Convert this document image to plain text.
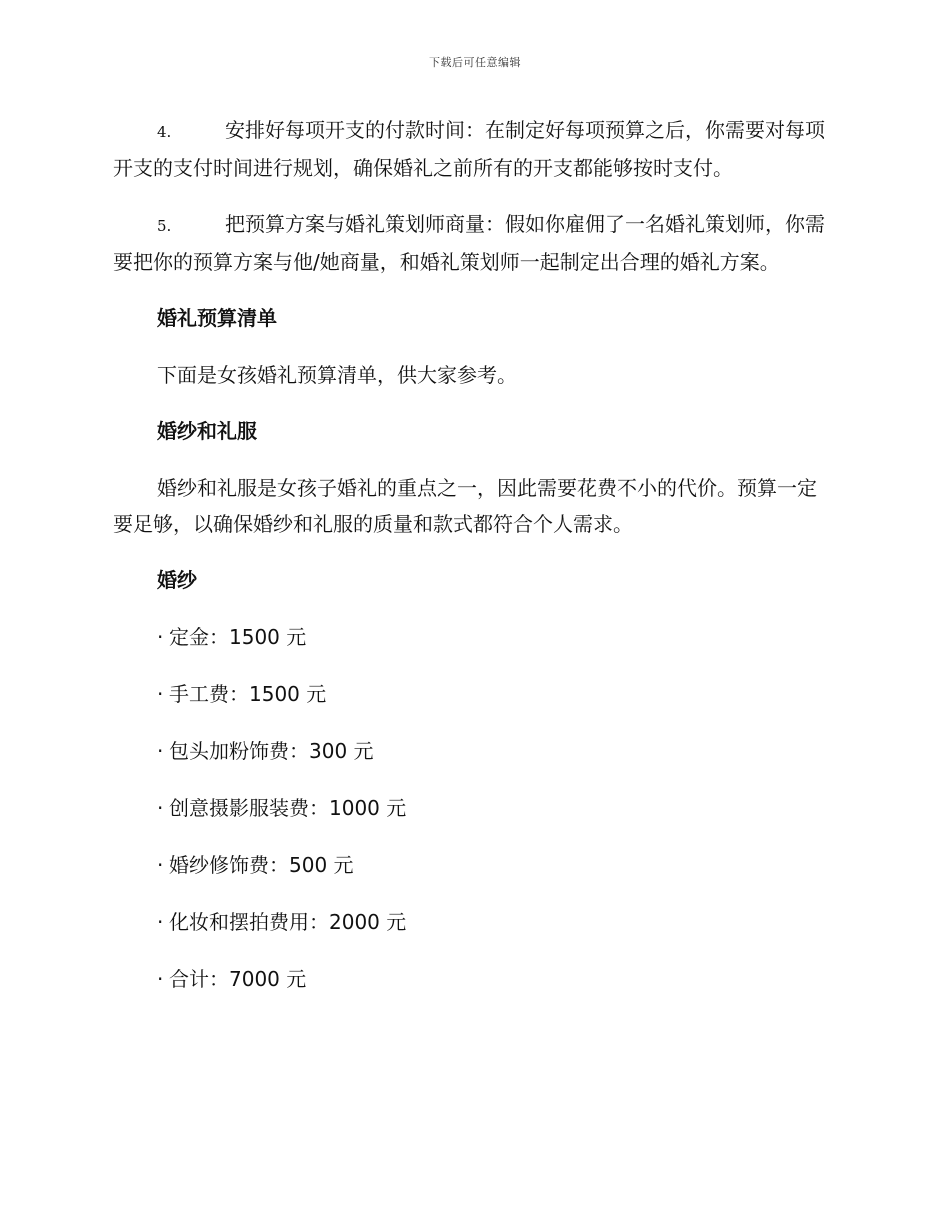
下载后可任意编辑

4.	安排好每项开支的付款时间：在制定好每项预算之后，你需要对每项开支的支付时间进行规划，确保婚礼之前所有的开支都能够按时支付。

5.	把预算方案与婚礼策划师商量：假如你雇佣了一名婚礼策划师，你需要把你的预算方案与他/她商量，和婚礼策划师一起制定出合理的婚礼方案。

婚礼预算清单

下面是女孩婚礼预算清单，供大家参考。

婚纱和礼服

婚纱和礼服是女孩子婚礼的重点之一，因此需要花费不小的代价。预算一定要足够，以确保婚纱和礼服的质量和款式都符合个人需求。

婚纱
· 定金：1500 元
· 手工费：1500 元
· 包头加粉饰费：300 元
· 创意摄影服装费：1000 元
· 婚纱修饰费：500 元
· 化妆和摆拍费用：2000 元
· 合计：7000 元
